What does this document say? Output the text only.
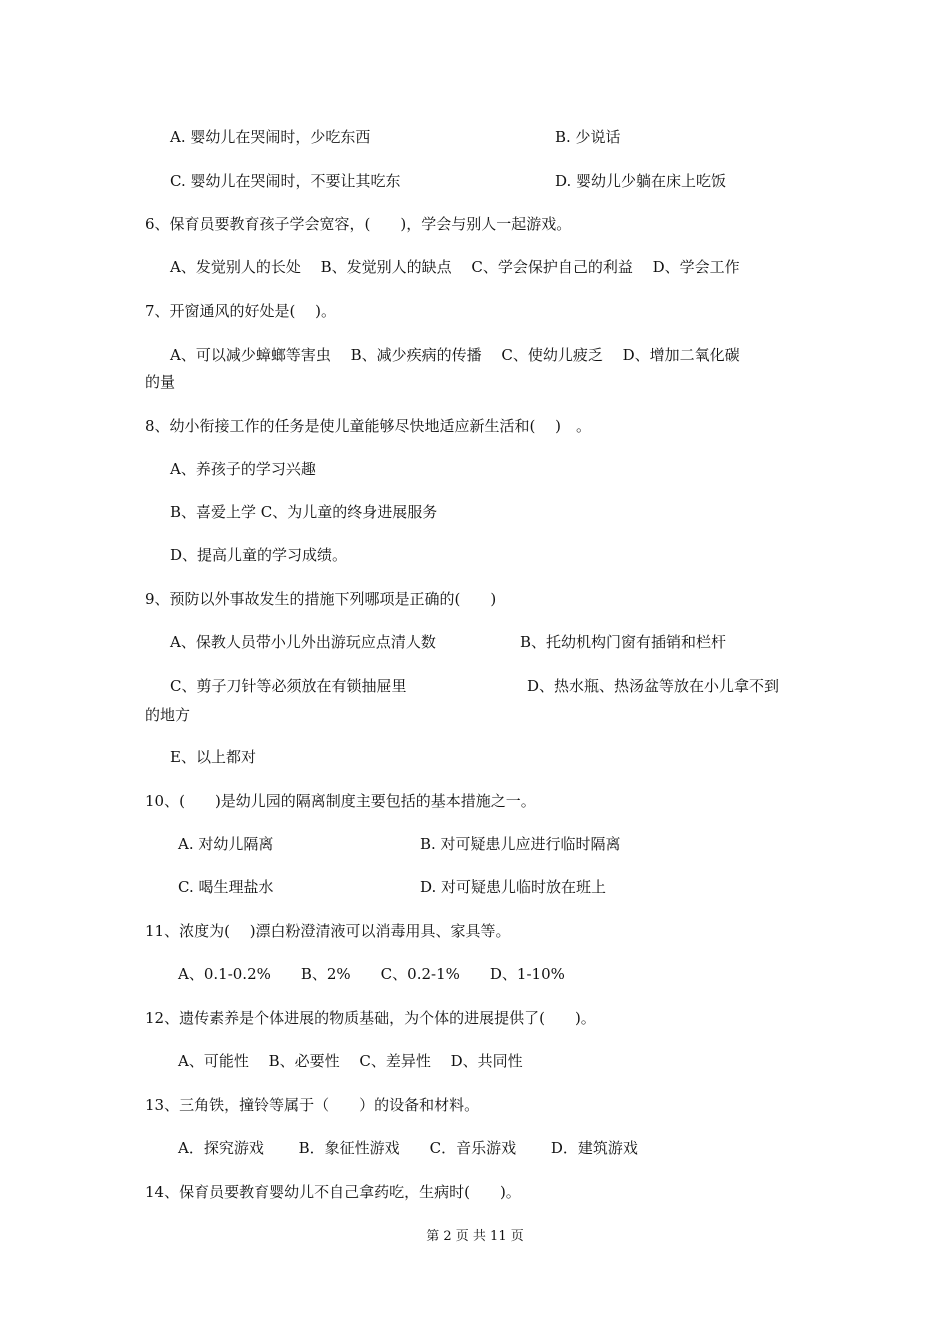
A. 婴幼儿在哭闹时，少吃东西	B. 少说话

C. 婴幼儿在哭闹时，不要让其吃东	D. 婴幼儿少躺在床上吃饭

6、保育员要教育孩子学会宽容，(　　)，学会与别人一起游戏。

A、发觉别人的长处　 B、发觉别人的缺点　 C、学会保护自己的利益　 D、学会工作

7、开窗通风的好处是(　 )。

A、可以减少蟑螂等害虫　 B、减少疾病的传播　 C、使幼儿疲乏　 D、增加二氧化碳

的量

8、幼小衔接工作的任务是使儿童能够尽快地适应新生活和(　 )　。

A、养孩子的学习兴趣

B、喜爱上学 C、为儿童的终身进展服务

D、提高儿童的学习成绩。

9、预防以外事故发生的措施下列哪项是正确的(　　)

A、保教人员带小儿外出游玩应点清人数	B、托幼机构门窗有插销和栏杆

C、剪子刀针等必须放在有锁抽屉里	D、热水瓶、热汤盆等放在小儿拿不到

的地方

E、以上都对

10、(　　)是幼儿园的隔离制度主要包括的基本措施之一。

A. 对幼儿隔离	B. 对可疑患儿应进行临时隔离

C. 喝生理盐水	D. 对可疑患儿临时放在班上

11、浓度为(　 )漂白粉澄清液可以消毒用具、家具等。

A、0.1-0.2%　　B、2%　　C、0.2-1%　　D、1-10%

12、遗传素养是个体进展的物质基础，为个体的进展提供了(　　)。

A、可能性　 B、必要性　 C、差异性　 D、共同性

13、三角铁，撞铃等属于（　　）的设备和材料。

A．探究游戏　　 B．象征性游戏　　C．音乐游戏　　 D．建筑游戏

14、保育员要教育婴幼儿不自己拿药吃，生病时(　　)。

第 2 页 共 11 页
